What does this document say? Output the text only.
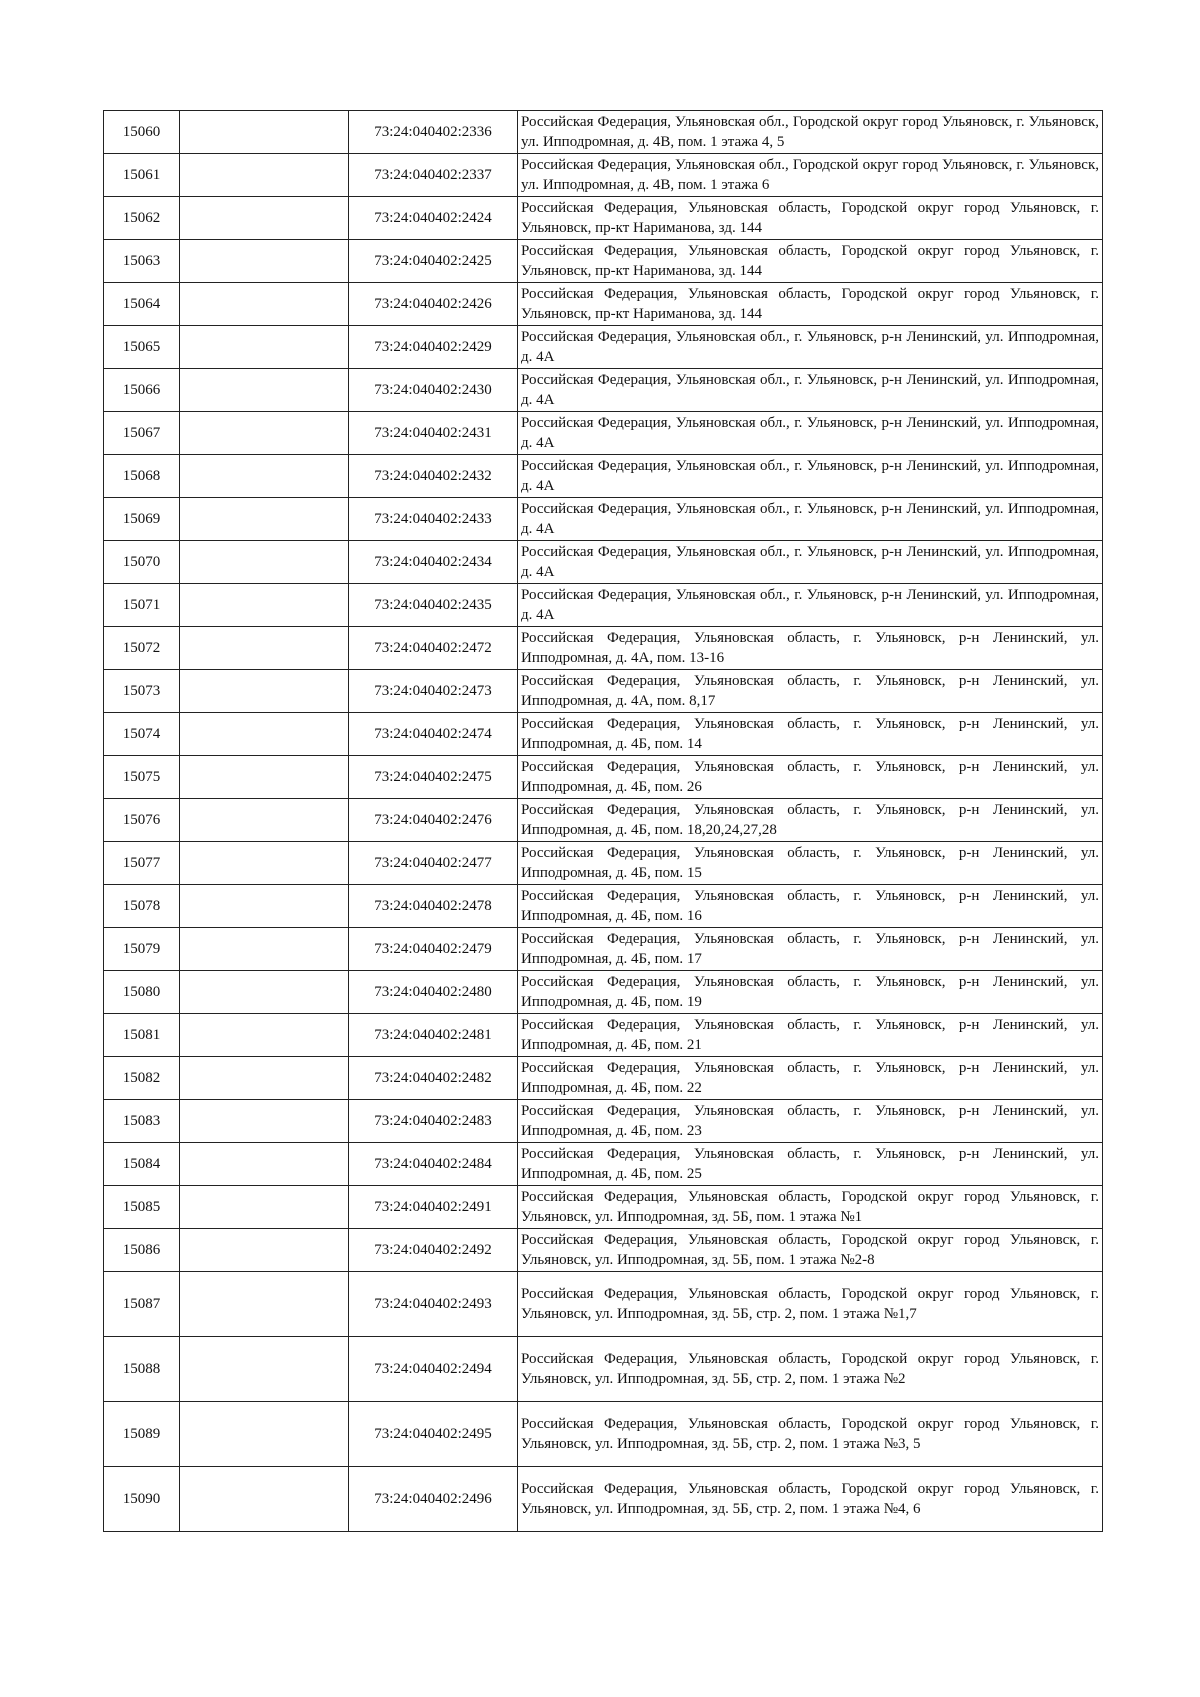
15060		73:24:040402:2336	Российская Федерация, Ульяновская обл., Городской округ город Ульяновск, г. Ульяновск, ул. Ипподромная, д. 4В, пом. 1 этажа 4, 5
15061		73:24:040402:2337	Российская Федерация, Ульяновская обл., Городской округ город Ульяновск, г. Ульяновск, ул. Ипподромная, д. 4В, пом. 1 этажа 6
15062		73:24:040402:2424	Российская Федерация, Ульяновская область, Городской округ город Ульяновск, г. Ульяновск, пр-кт Нариманова, зд. 144
15063		73:24:040402:2425	Российская Федерация, Ульяновская область, Городской округ город Ульяновск, г. Ульяновск, пр-кт Нариманова, зд. 144
15064		73:24:040402:2426	Российская Федерация, Ульяновская область, Городской округ город Ульяновск, г. Ульяновск, пр-кт Нариманова, зд. 144
15065		73:24:040402:2429	Российская Федерация, Ульяновская обл., г. Ульяновск, р-н Ленинский, ул. Ипподромная, д. 4А
15066		73:24:040402:2430	Российская Федерация, Ульяновская обл., г. Ульяновск, р-н Ленинский, ул. Ипподромная, д. 4А
15067		73:24:040402:2431	Российская Федерация, Ульяновская обл., г. Ульяновск, р-н Ленинский, ул. Ипподромная, д. 4А
15068		73:24:040402:2432	Российская Федерация, Ульяновская обл., г. Ульяновск, р-н Ленинский, ул. Ипподромная, д. 4А
15069		73:24:040402:2433	Российская Федерация, Ульяновская обл., г. Ульяновск, р-н Ленинский, ул. Ипподромная, д. 4А
15070		73:24:040402:2434	Российская Федерация, Ульяновская обл., г. Ульяновск, р-н Ленинский, ул. Ипподромная, д. 4А
15071		73:24:040402:2435	Российская Федерация, Ульяновская обл., г. Ульяновск, р-н Ленинский, ул. Ипподромная, д. 4А
15072		73:24:040402:2472	Российская Федерация, Ульяновская область, г. Ульяновск, р-н Ленинский, ул. Ипподромная, д. 4А, пом. 13-16
15073		73:24:040402:2473	Российская Федерация, Ульяновская область, г. Ульяновск, р-н Ленинский, ул. Ипподромная, д. 4А, пом. 8,17
15074		73:24:040402:2474	Российская Федерация, Ульяновская область, г. Ульяновск, р-н Ленинский, ул. Ипподромная, д. 4Б, пом. 14
15075		73:24:040402:2475	Российская Федерация, Ульяновская область, г. Ульяновск, р-н Ленинский, ул. Ипподромная, д. 4Б, пом. 26
15076		73:24:040402:2476	Российская Федерация, Ульяновская область, г. Ульяновск, р-н Ленинский, ул. Ипподромная, д. 4Б, пом. 18,20,24,27,28
15077		73:24:040402:2477	Российская Федерация, Ульяновская область, г. Ульяновск, р-н Ленинский, ул. Ипподромная, д. 4Б, пом. 15
15078		73:24:040402:2478	Российская Федерация, Ульяновская область, г. Ульяновск, р-н Ленинский, ул. Ипподромная, д. 4Б, пом. 16
15079		73:24:040402:2479	Российская Федерация, Ульяновская область, г. Ульяновск, р-н Ленинский, ул. Ипподромная, д. 4Б, пом. 17
15080		73:24:040402:2480	Российская Федерация, Ульяновская область, г. Ульяновск, р-н Ленинский, ул. Ипподромная, д. 4Б, пом. 19
15081		73:24:040402:2481	Российская Федерация, Ульяновская область, г. Ульяновск, р-н Ленинский, ул. Ипподромная, д. 4Б, пом. 21
15082		73:24:040402:2482	Российская Федерация, Ульяновская область, г. Ульяновск, р-н Ленинский, ул. Ипподромная, д. 4Б, пом. 22
15083		73:24:040402:2483	Российская Федерация, Ульяновская область, г. Ульяновск, р-н Ленинский, ул. Ипподромная, д. 4Б, пом. 23
15084		73:24:040402:2484	Российская Федерация, Ульяновская область, г. Ульяновск, р-н Ленинский, ул. Ипподромная, д. 4Б, пом. 25
15085		73:24:040402:2491	Российская Федерация, Ульяновская область, Городской округ город Ульяновск, г. Ульяновск, ул. Ипподромная, зд. 5Б, пом. 1 этажа №1
15086		73:24:040402:2492	Российская Федерация, Ульяновская область, Городской округ город Ульяновск, г. Ульяновск, ул. Ипподромная, зд. 5Б, пом. 1 этажа №2-8
15087		73:24:040402:2493	Российская Федерация, Ульяновская область, Городской округ город Ульяновск, г. Ульяновск, ул. Ипподромная, зд. 5Б, стр. 2, пом. 1 этажа №1,7
15088		73:24:040402:2494	Российская Федерация, Ульяновская область, Городской округ город Ульяновск, г. Ульяновск, ул. Ипподромная, зд. 5Б, стр. 2, пом. 1 этажа №2
15089		73:24:040402:2495	Российская Федерация, Ульяновская область, Городской округ город Ульяновск, г. Ульяновск, ул. Ипподромная, зд. 5Б, стр. 2, пом. 1 этажа №3, 5
15090		73:24:040402:2496	Российская Федерация, Ульяновская область, Городской округ город Ульяновск, г. Ульяновск, ул. Ипподромная, зд. 5Б, стр. 2, пом. 1 этажа №4, 6
